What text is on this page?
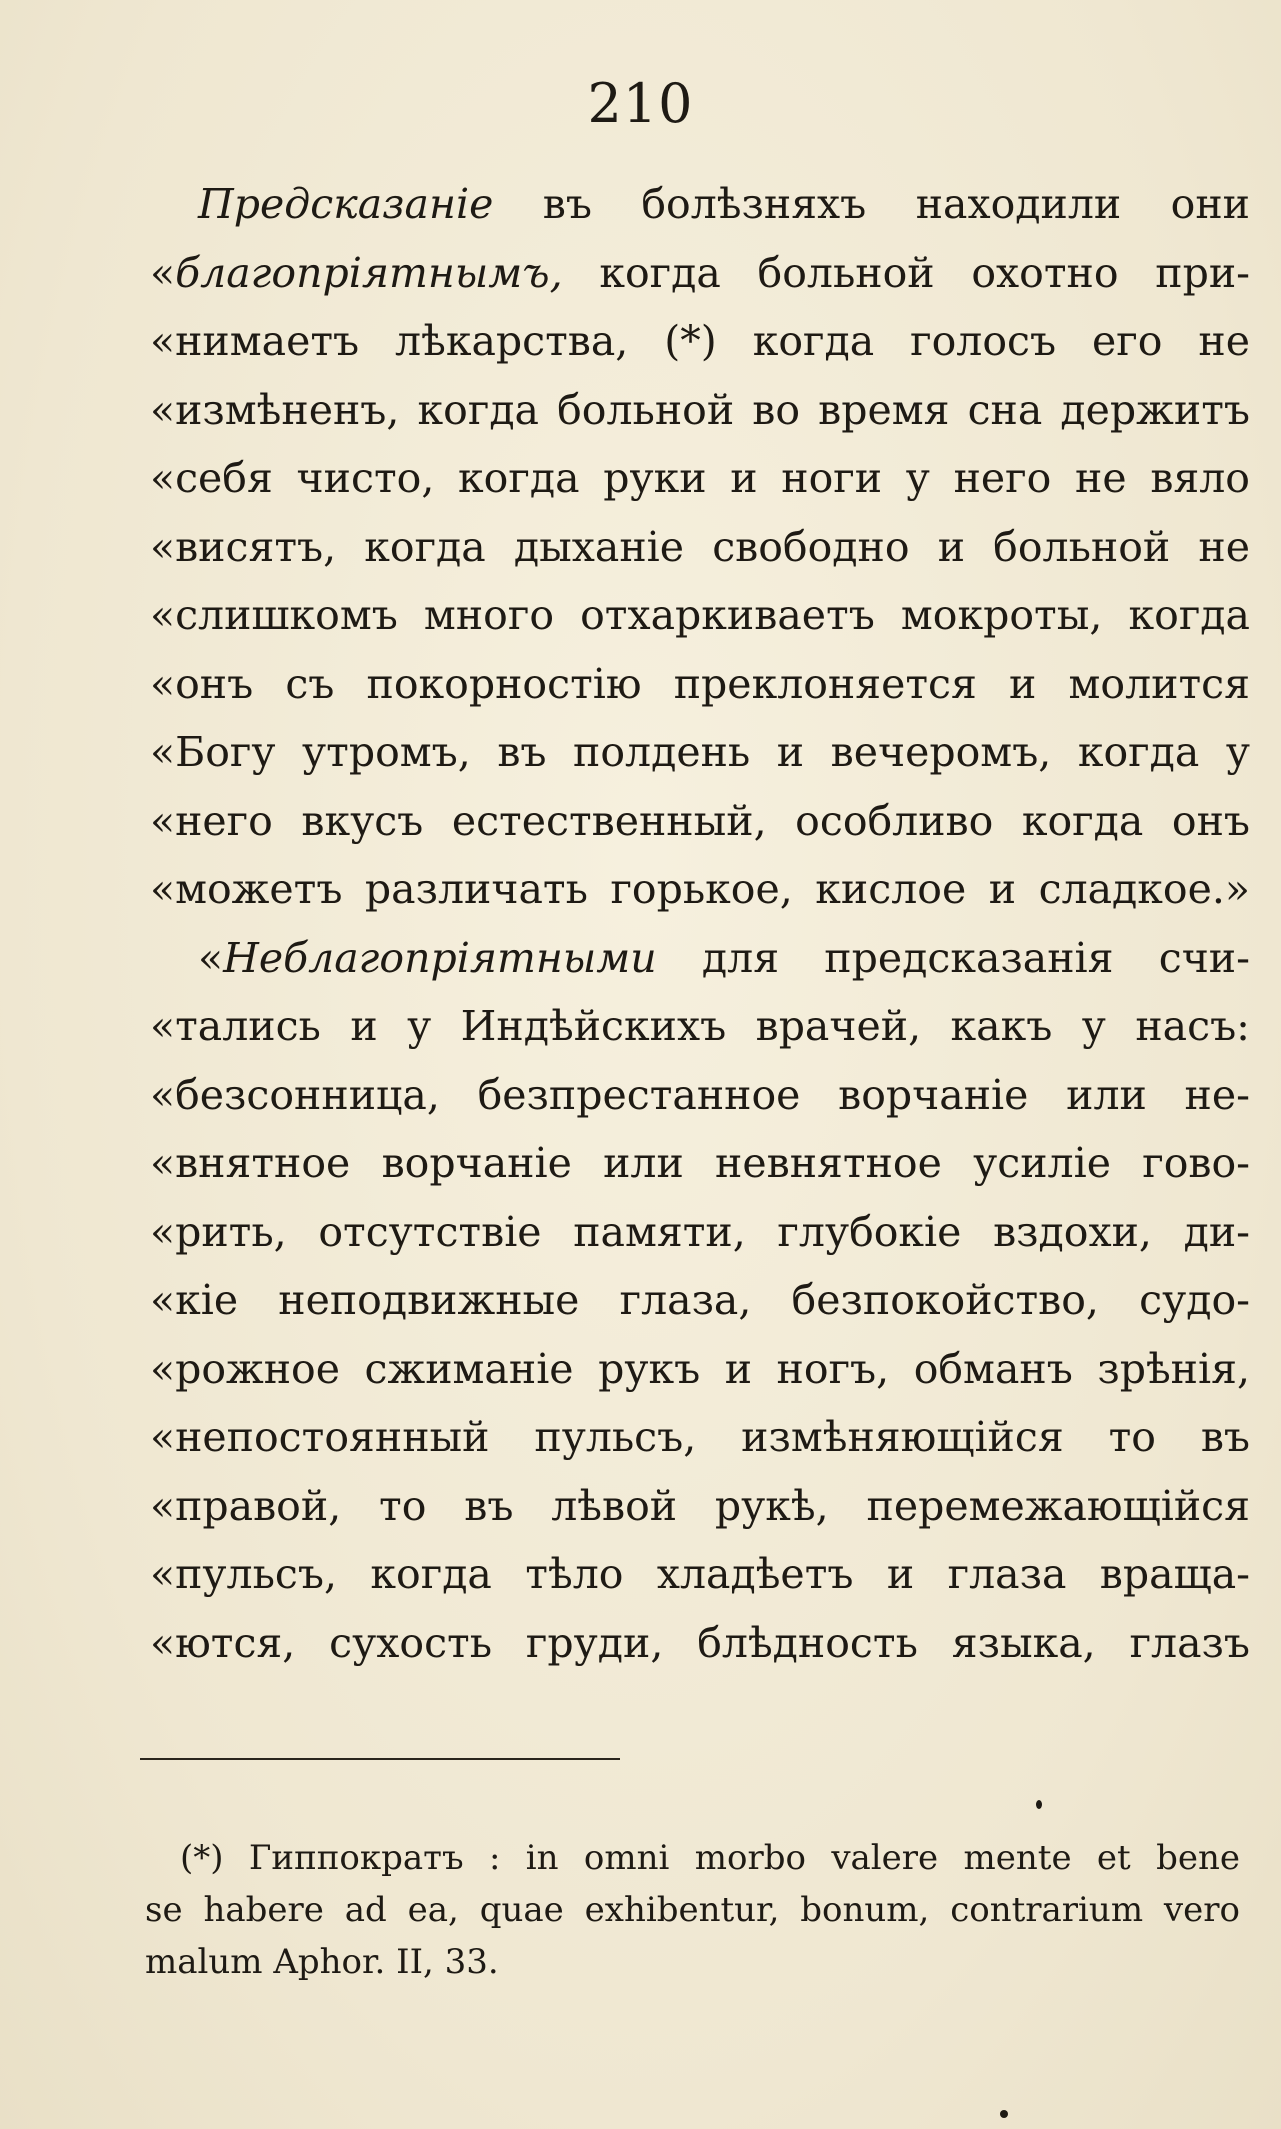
210
Предсказаніе въ болѣзняхъ находили они
«благопріятнымъ, когда больной охотно при-
«нимаетъ лѣкарства, (*) когда голосъ его не
«измѣненъ, когда больной во время сна держитъ
«себя чисто, когда руки и ноги у него не вяло
«висятъ, когда дыханіе свободно и больной не
«слишкомъ много отхаркиваетъ мокроты, когда
«онъ съ покорностію преклоняется и молится
«Богу утромъ, въ полдень и вечеромъ, когда у
«него вкусъ естественный, особливо когда онъ
«можетъ различать горькое, кислое и сладкое.»
«Неблагопріятными для предсказанія счи-
«тались и у Индѣйскихъ врачей, какъ у насъ:
«безсонница, безпрестанное ворчаніе или не-
«внятное ворчаніе или невнятное усиліе гово-
«рить, отсутствіе памяти, глубокіе вздохи, ди-
«кіе неподвижные глаза, безпокойство, судо-
«рожное сжиманіе рукъ и ногъ, обманъ зрѣнія,
«непостоянный пульсъ, измѣняющійся то въ
«правой, то въ лѣвой рукѣ, перемежающійся
«пульсъ, когда тѣло хладѣетъ и глаза враща-
«ются, сухость груди, блѣдность языка, глазъ
(*) Гиппократъ : in omni morbo valere mente et bene
se habere ad ea, quae exhibentur, bonum, contrarium vero
malum Aphor. II, 33.
